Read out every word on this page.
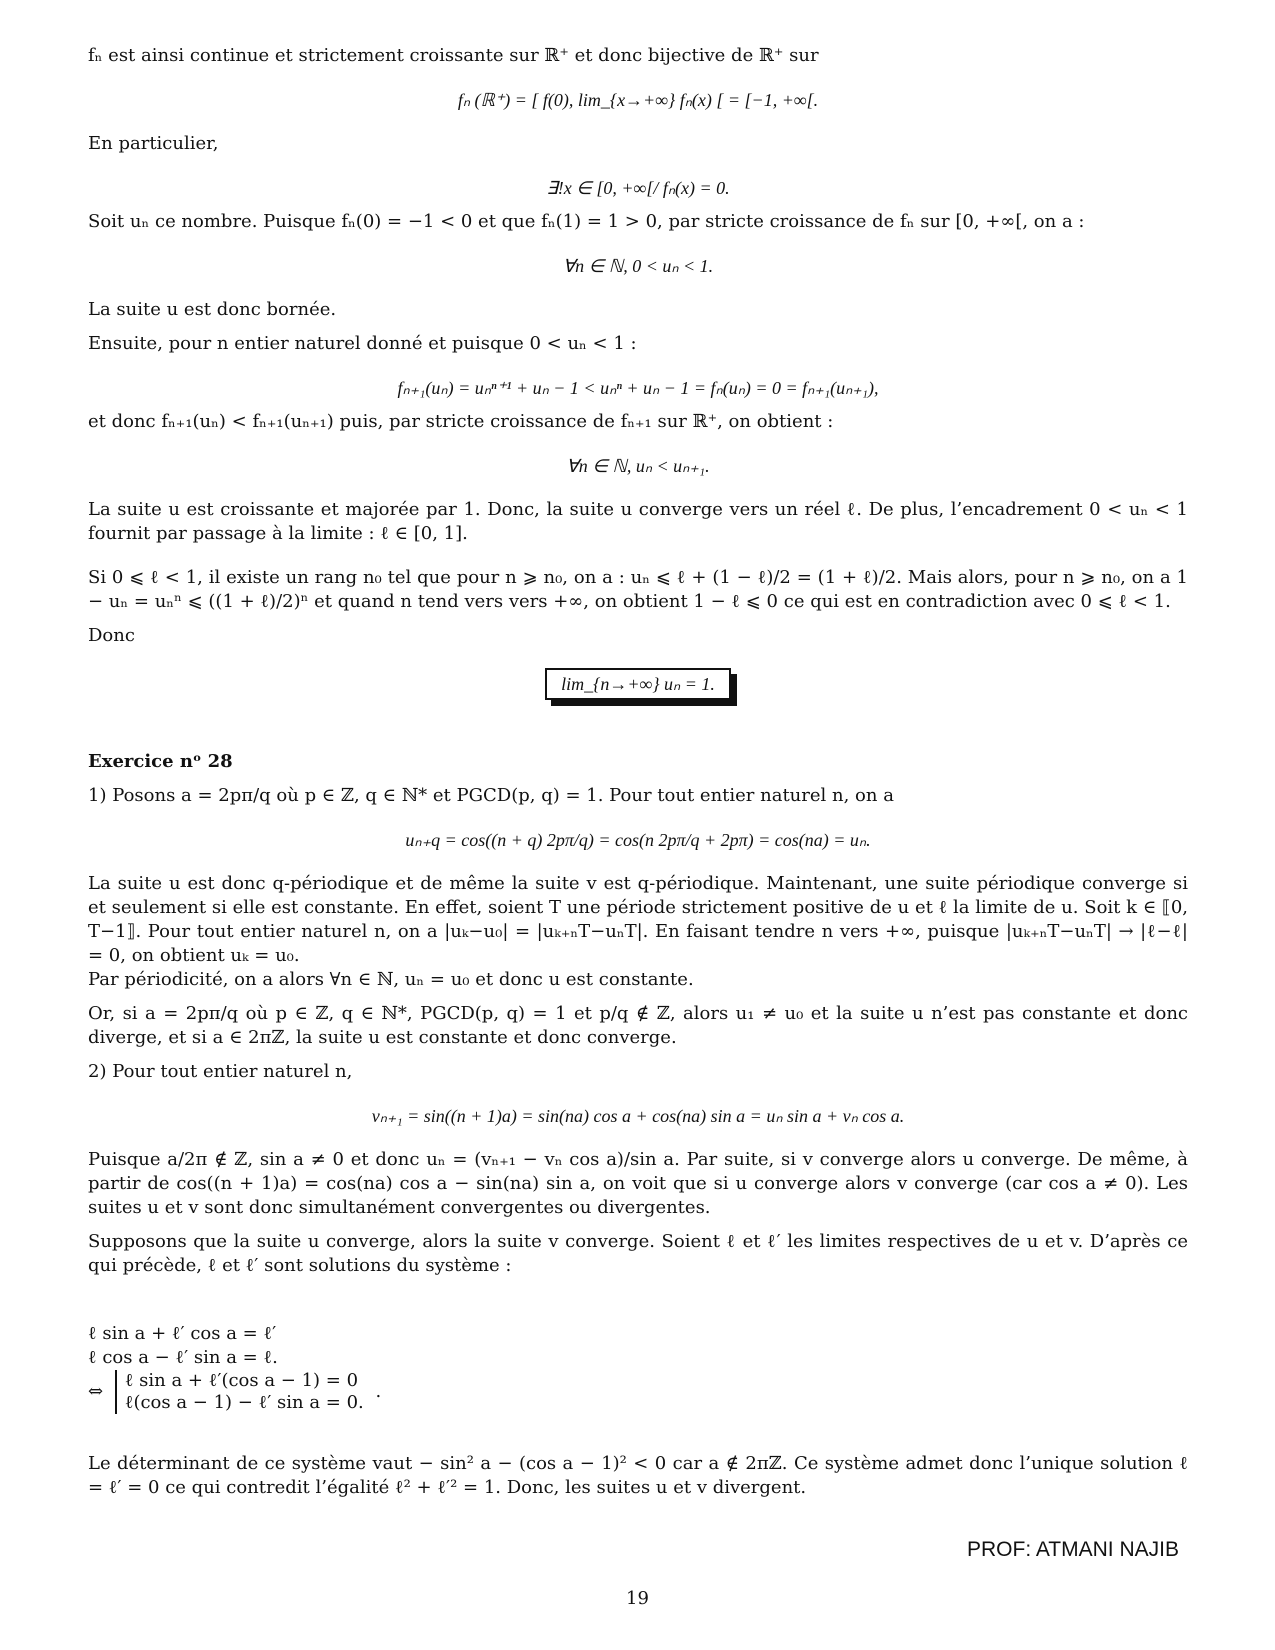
fₙ est ainsi continue et strictement croissante sur ℝ⁺ et donc bijective de ℝ⁺ sur

fₙ (ℝ⁺) = [ f(0), lim_{x→+∞} fₙ(x) [ = [−1, +∞[.

En particulier,

∃!x ∈ [0, +∞[/ fₙ(x) = 0.

Soit uₙ ce nombre. Puisque fₙ(0) = −1 < 0 et que fₙ(1) = 1 > 0, par stricte croissance de fₙ sur [0, +∞[, on a :

∀n ∈ ℕ, 0 < uₙ < 1.

La suite u est donc bornée.

Ensuite, pour n entier naturel donné et puisque 0 < uₙ < 1 :

fₙ₊₁(uₙ) = uₙⁿ⁺¹ + uₙ − 1 < uₙⁿ + uₙ − 1 = fₙ(uₙ) = 0 = fₙ₊₁(uₙ₊₁),

et donc fₙ₊₁(uₙ) < fₙ₊₁(uₙ₊₁) puis, par stricte croissance de fₙ₊₁ sur ℝ⁺, on obtient :

∀n ∈ ℕ, uₙ < uₙ₊₁.

La suite u est croissante et majorée par 1. Donc, la suite u converge vers un réel ℓ. De plus, l’encadrement 0 < uₙ < 1 fournit par passage à la limite : ℓ ∈ [0, 1].

Si 0 ⩽ ℓ < 1, il existe un rang n₀ tel que pour n ⩾ n₀, on a : uₙ ⩽ ℓ + (1 − ℓ)/2 = (1 + ℓ)/2. Mais alors, pour n ⩾ n₀, on a 1 − uₙ = uₙⁿ ⩽ ((1 + ℓ)/2)ⁿ et quand n tend vers vers +∞, on obtient 1 − ℓ ⩽ 0 ce qui est en contradiction avec 0 ⩽ ℓ < 1.

Donc

lim_{n→+∞} uₙ = 1.

Exercice nᵒ 28

1) Posons a = 2pπ/q où p ∈ ℤ, q ∈ ℕ* et PGCD(p, q) = 1. Pour tout entier naturel n, on a

uₙ₊q = cos((n + q) 2pπ/q) = cos(n 2pπ/q + 2pπ) = cos(na) = uₙ.

La suite u est donc q-périodique et de même la suite v est q-périodique. Maintenant, une suite périodique converge si et seulement si elle est constante. En effet, soient T une période strictement positive de u et ℓ la limite de u. Soit k ∈ ⟦0, T−1⟧. Pour tout entier naturel n, on a |uₖ−u₀| = |uₖ₊ₙT−uₙT|. En faisant tendre n vers +∞, puisque |uₖ₊ₙT−uₙT| → |ℓ−ℓ| = 0, on obtient uₖ = u₀.

Par périodicité, on a alors ∀n ∈ ℕ, uₙ = u₀ et donc u est constante.

Or, si a = 2pπ/q où p ∈ ℤ, q ∈ ℕ*, PGCD(p, q) = 1 et p/q ∉ ℤ, alors u₁ ≠ u₀ et la suite u n’est pas constante et donc diverge, et si a ∈ 2πℤ, la suite u est constante et donc converge.

2) Pour tout entier naturel n,

vₙ₊₁ = sin((n + 1)a) = sin(na) cos a + cos(na) sin a = uₙ sin a + vₙ cos a.

Puisque a/2π ∉ ℤ, sin a ≠ 0 et donc uₙ = (vₙ₊₁ − vₙ cos a)/sin a. Par suite, si v converge alors u converge. De même, à partir de cos((n + 1)a) = cos(na) cos a − sin(na) sin a, on voit que si u converge alors v converge (car cos a ≠ 0). Les suites u et v sont donc simultanément convergentes ou divergentes.

Supposons que la suite u converge, alors la suite v converge. Soient ℓ et ℓ′ les limites respectives de u et v. D’après ce qui précède, ℓ et ℓ′ sont solutions du système :

ℓ sin a + ℓ′ cos a = ℓ′
ℓ cos a − ℓ′ sin a = ℓ.
⇔
ℓ sin a + ℓ′(cos a − 1) = 0
ℓ(cos a − 1) − ℓ′ sin a = 0.
.

Le déterminant de ce système vaut − sin² a − (cos a − 1)² < 0 car a ∉ 2πℤ. Ce système admet donc l’unique solution ℓ = ℓ′ = 0 ce qui contredit l’égalité ℓ² + ℓ′² = 1. Donc, les suites u et v divergent.

PROF: ATMANI NAJIB
19
